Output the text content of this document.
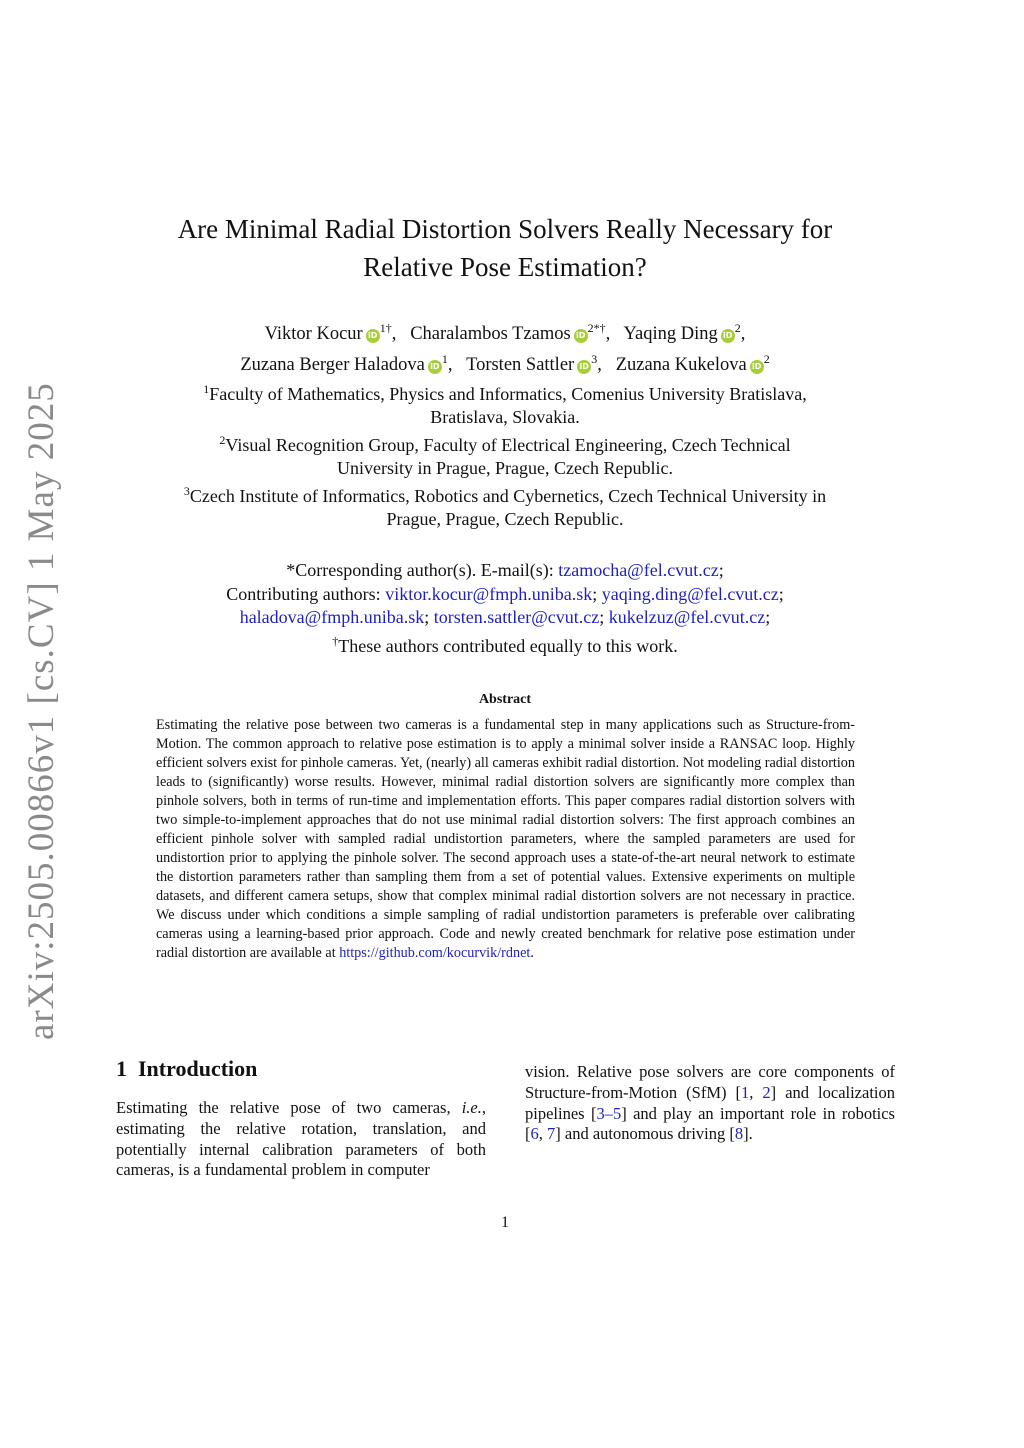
arXiv:2505.00866v1 [cs.CV] 1 May 2025
Are Minimal Radial Distortion Solvers Really Necessary for
Relative Pose Estimation?
Viktor Kocur $iD^{1\dagger}$, Charalambos Tzamos $iD^{2*\dagger}$, Yaqing Ding $iD^2$,
Zuzana Berger Haladova $iD^1$, Torsten Sattler $iD^3$, Zuzana Kukelova $iD^2$
$^1$Faculty of Mathematics, Physics and Informatics, Comenius University Bratislava,
Bratislava, Slovakia.
$^2$Visual Recognition Group, Faculty of Electrical Engineering, Czech Technical
University in Prague, Prague, Czech Republic.
$^3$Czech Institute of Informatics, Robotics and Cybernetics, Czech Technical University in
Prague, Prague, Czech Republic.
*Corresponding author(s). E-mail(s): tzamocha@fel.cvut.cz;
Contributing authors: viktor.kocur@fmph.uniba.sk; yaqing.ding@fel.cvut.cz;
haladova@fmph.uniba.sk; torsten.sattler@cvut.cz; kukelzuz@fel.cvut.cz;
†These authors contributed equally to this work.
Abstract
Estimating the relative pose between two cameras is a fundamental step in many applications such as Structure-from-Motion. The common approach to relative pose estimation is to apply a minimal solver inside a RANSAC loop. Highly efficient solvers exist for pinhole cameras. Yet, (nearly) all cameras exhibit radial distortion. Not modeling radial distortion leads to (significantly) worse results. However, minimal radial distortion solvers are significantly more complex than pinhole solvers, both in terms of run-time and implementation efforts. This paper compares radial distortion solvers with two simple-to-implement approaches that do not use minimal radial distortion solvers: The first approach combines an efficient pinhole solver with sampled radial undistortion parameters, where the sampled parameters are used for undistortion prior to applying the pinhole solver. The second approach uses a state-of-the-art neural network to estimate the distortion parameters rather than sampling them from a set of potential values. Extensive experiments on multiple datasets, and different camera setups, show that complex minimal radial distortion solvers are not necessary in practice. We discuss under which conditions a simple sampling of radial undistortion parameters is preferable over calibrating cameras using a learning-based prior approach. Code and newly created benchmark for relative pose estimation under radial distortion are available at https://github.com/kocurvik/rdnet.
1 Introduction
Estimating the relative pose of two cameras, i.e., estimating the relative rotation, translation, and potentially internal calibration parameters of both cameras, is a fundamental problem in computer
vision. Relative pose solvers are core components of Structure-from-Motion (SfM) [1, 2] and localization pipelines [3–5] and play an important role in robotics [6, 7] and autonomous driving [8].
1
